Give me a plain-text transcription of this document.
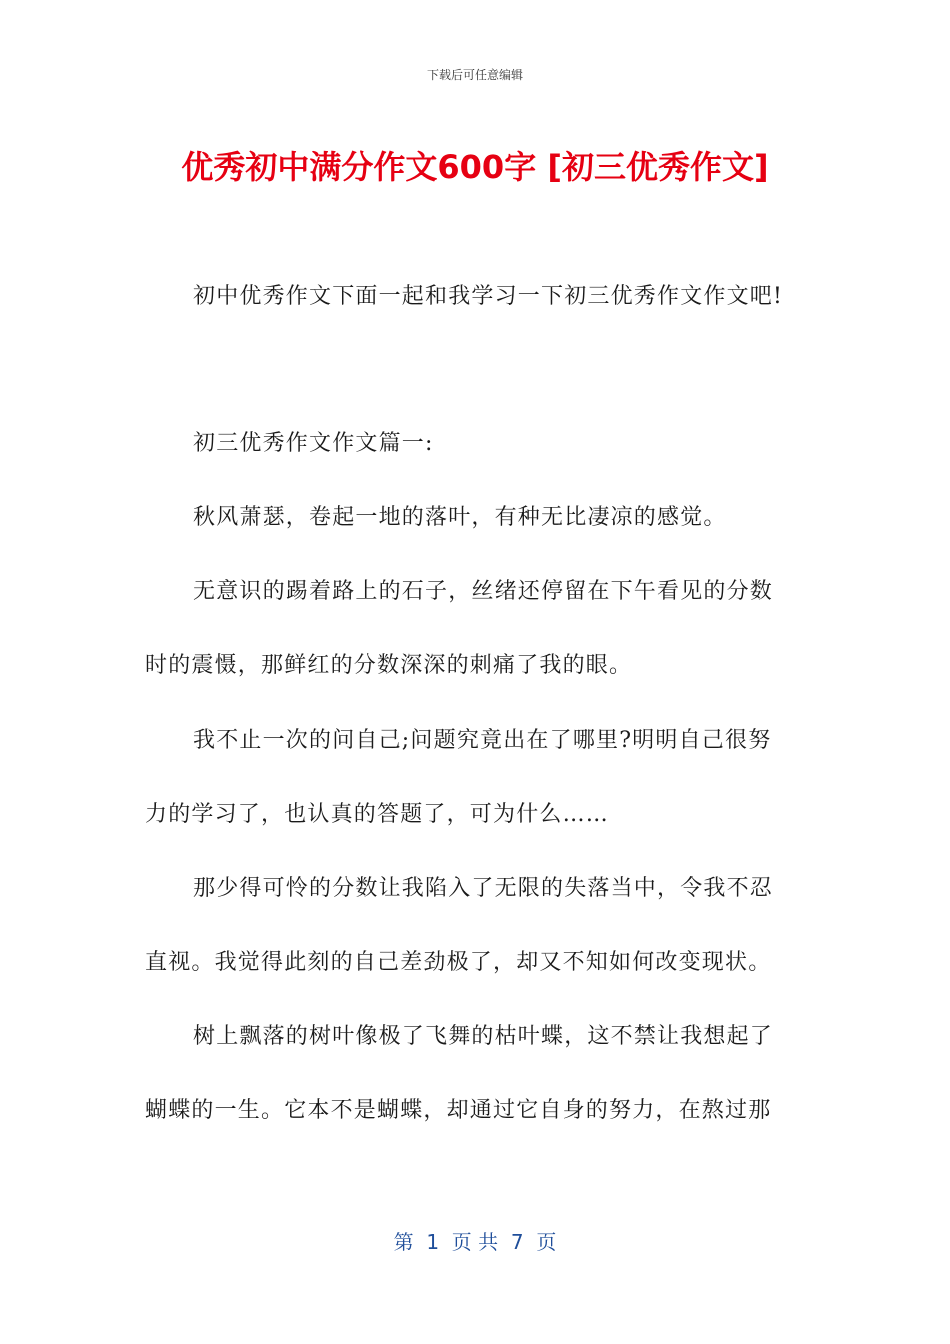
下载后可任意编辑
优秀初中满分作文600字 [初三优秀作文]

初中优秀作文下面一起和我学习一下初三优秀作文作文吧!

初三优秀作文作文篇一:

秋风萧瑟，卷起一地的落叶，有种无比凄凉的感觉。

无意识的踢着路上的石子，丝绪还停留在下午看见的分数

时的震慑，那鲜红的分数深深的刺痛了我的眼。

我不止一次的问自己;问题究竟出在了哪里?明明自己很努

力的学习了，也认真的答题了，可为什么……

那少得可怜的分数让我陷入了无限的失落当中，令我不忍

直视。我觉得此刻的自己差劲极了，却又不知如何改变现状。

树上飘落的树叶像极了飞舞的枯叶蝶，这不禁让我想起了

蝴蝶的一生。它本不是蝴蝶，却通过它自身的努力，在熬过那

第  1  页 共  7  页
